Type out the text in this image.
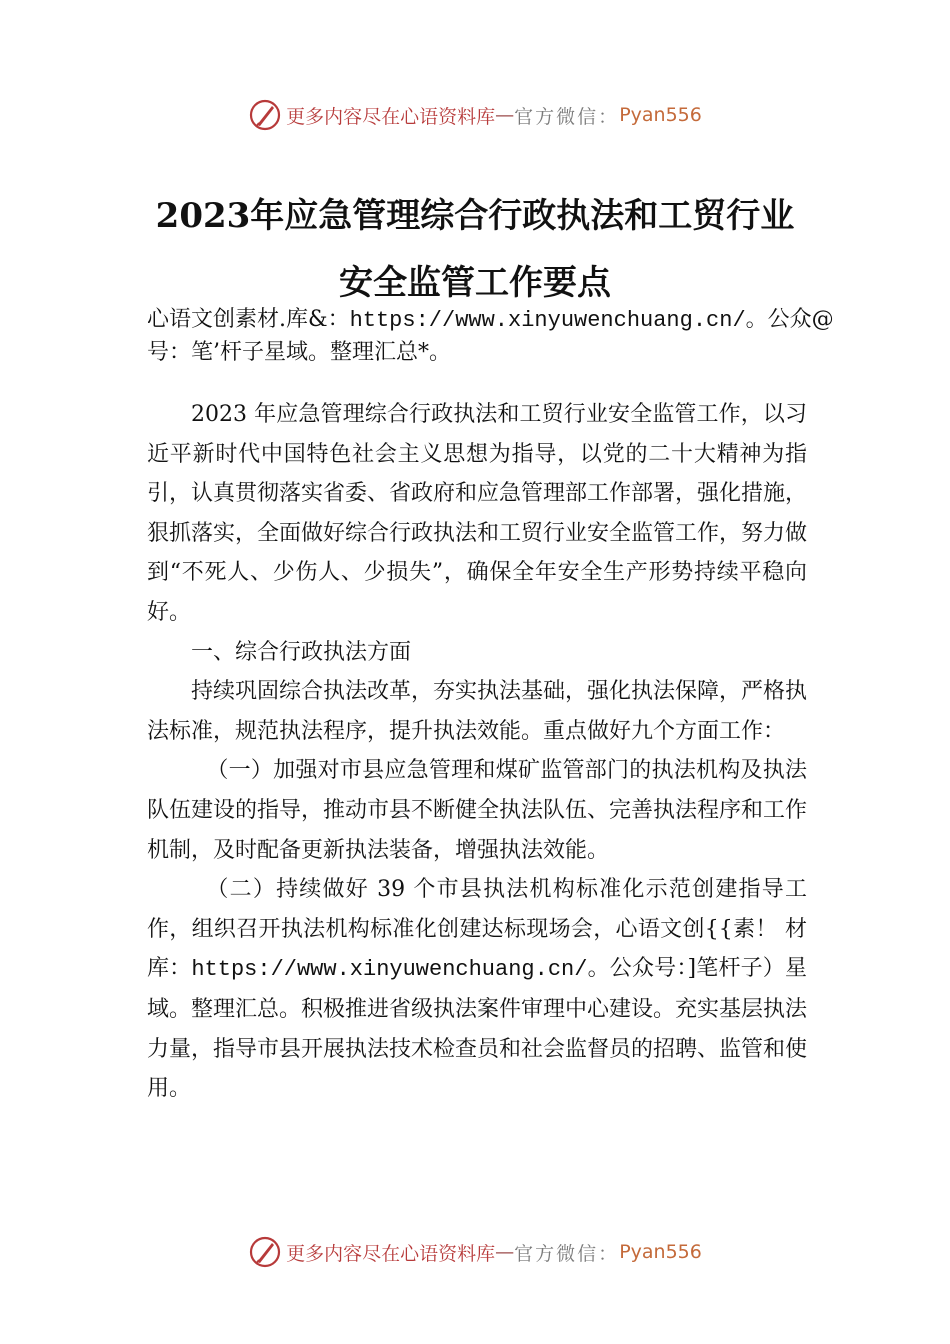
更多内容尽在心语资料库 — 官方微信： Pyan556
2023年应急管理综合行政执法和工贸行业
安全监管工作要点
心语文创素材.库&：https://www.xinyuwenchuang.cn/。公众@号：笔’杆子星域。整理汇总*。

2023 年应急管理综合行政执法和工贸行业安全监管工作，以习近平新时代中国特色社会主义思想为指导，以党的二十大精神为指引，认真贯彻落实省委、省政府和应急管理部工作部署，强化措施，狠抓落实，全面做好综合行政执法和工贸行业安全监管工作，努力做到“不死人、少伤人、少损失”，确保全年安全生产形势持续平稳向好。

一、综合行政执法方面

持续巩固综合执法改革，夯实执法基础，强化执法保障，严格执法标准，规范执法程序，提升执法效能。重点做好九个方面工作：

（一）加强对市县应急管理和煤矿监管部门的执法机构及执法队伍建设的指导，推动市县不断健全执法队伍、完善执法程序和工作机制，及时配备更新执法装备，增强执法效能。

（二）持续做好 39 个市县执法机构标准化示范创建指导工作，组织召开执法机构标准化创建达标现场会，心语文创{{素！ 材库：https://www.xinyuwenchuang.cn/。公众号：]笔杆子）星域。整理汇总。积极推进省级执法案件审理中心建设。充实基层执法力量，指导市县开展执法技术检查员和社会监督员的招聘、监管和使用。

更多内容尽在心语资料库 — 官方微信： Pyan556
